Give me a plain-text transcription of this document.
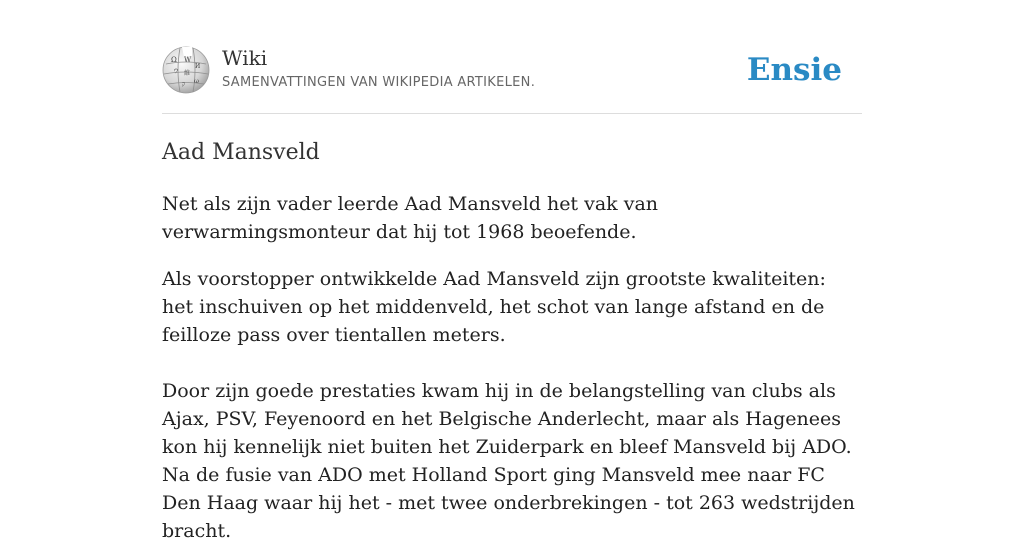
Ω W
И
ウ 維
ק ω
Wiki
SAMENVATTINGEN VAN WIKIPEDIA ARTIKELEN.	Ensie
Aad Mansveld

Net als zijn vader leerde Aad Mansveld het vak van verwarmingsmonteur dat hij tot 1968 beoefende.

Als voorstopper ontwikkelde Aad Mansveld zijn grootste kwaliteiten: het inschuiven op het middenveld, het schot van lange afstand en de feilloze pass over tientallen meters.

Door zijn goede prestaties kwam hij in de belangstelling van clubs als Ajax, PSV, Feyenoord en het Belgische Anderlecht, maar als Hagenees kon hij kennelijk niet buiten het Zuiderpark en bleef Mansveld bij ADO. Na de fusie van ADO met Holland Sport ging Mansveld mee naar FC Den Haag waar hij het - met twee onderbrekingen - tot 263 wedstrijden bracht.
